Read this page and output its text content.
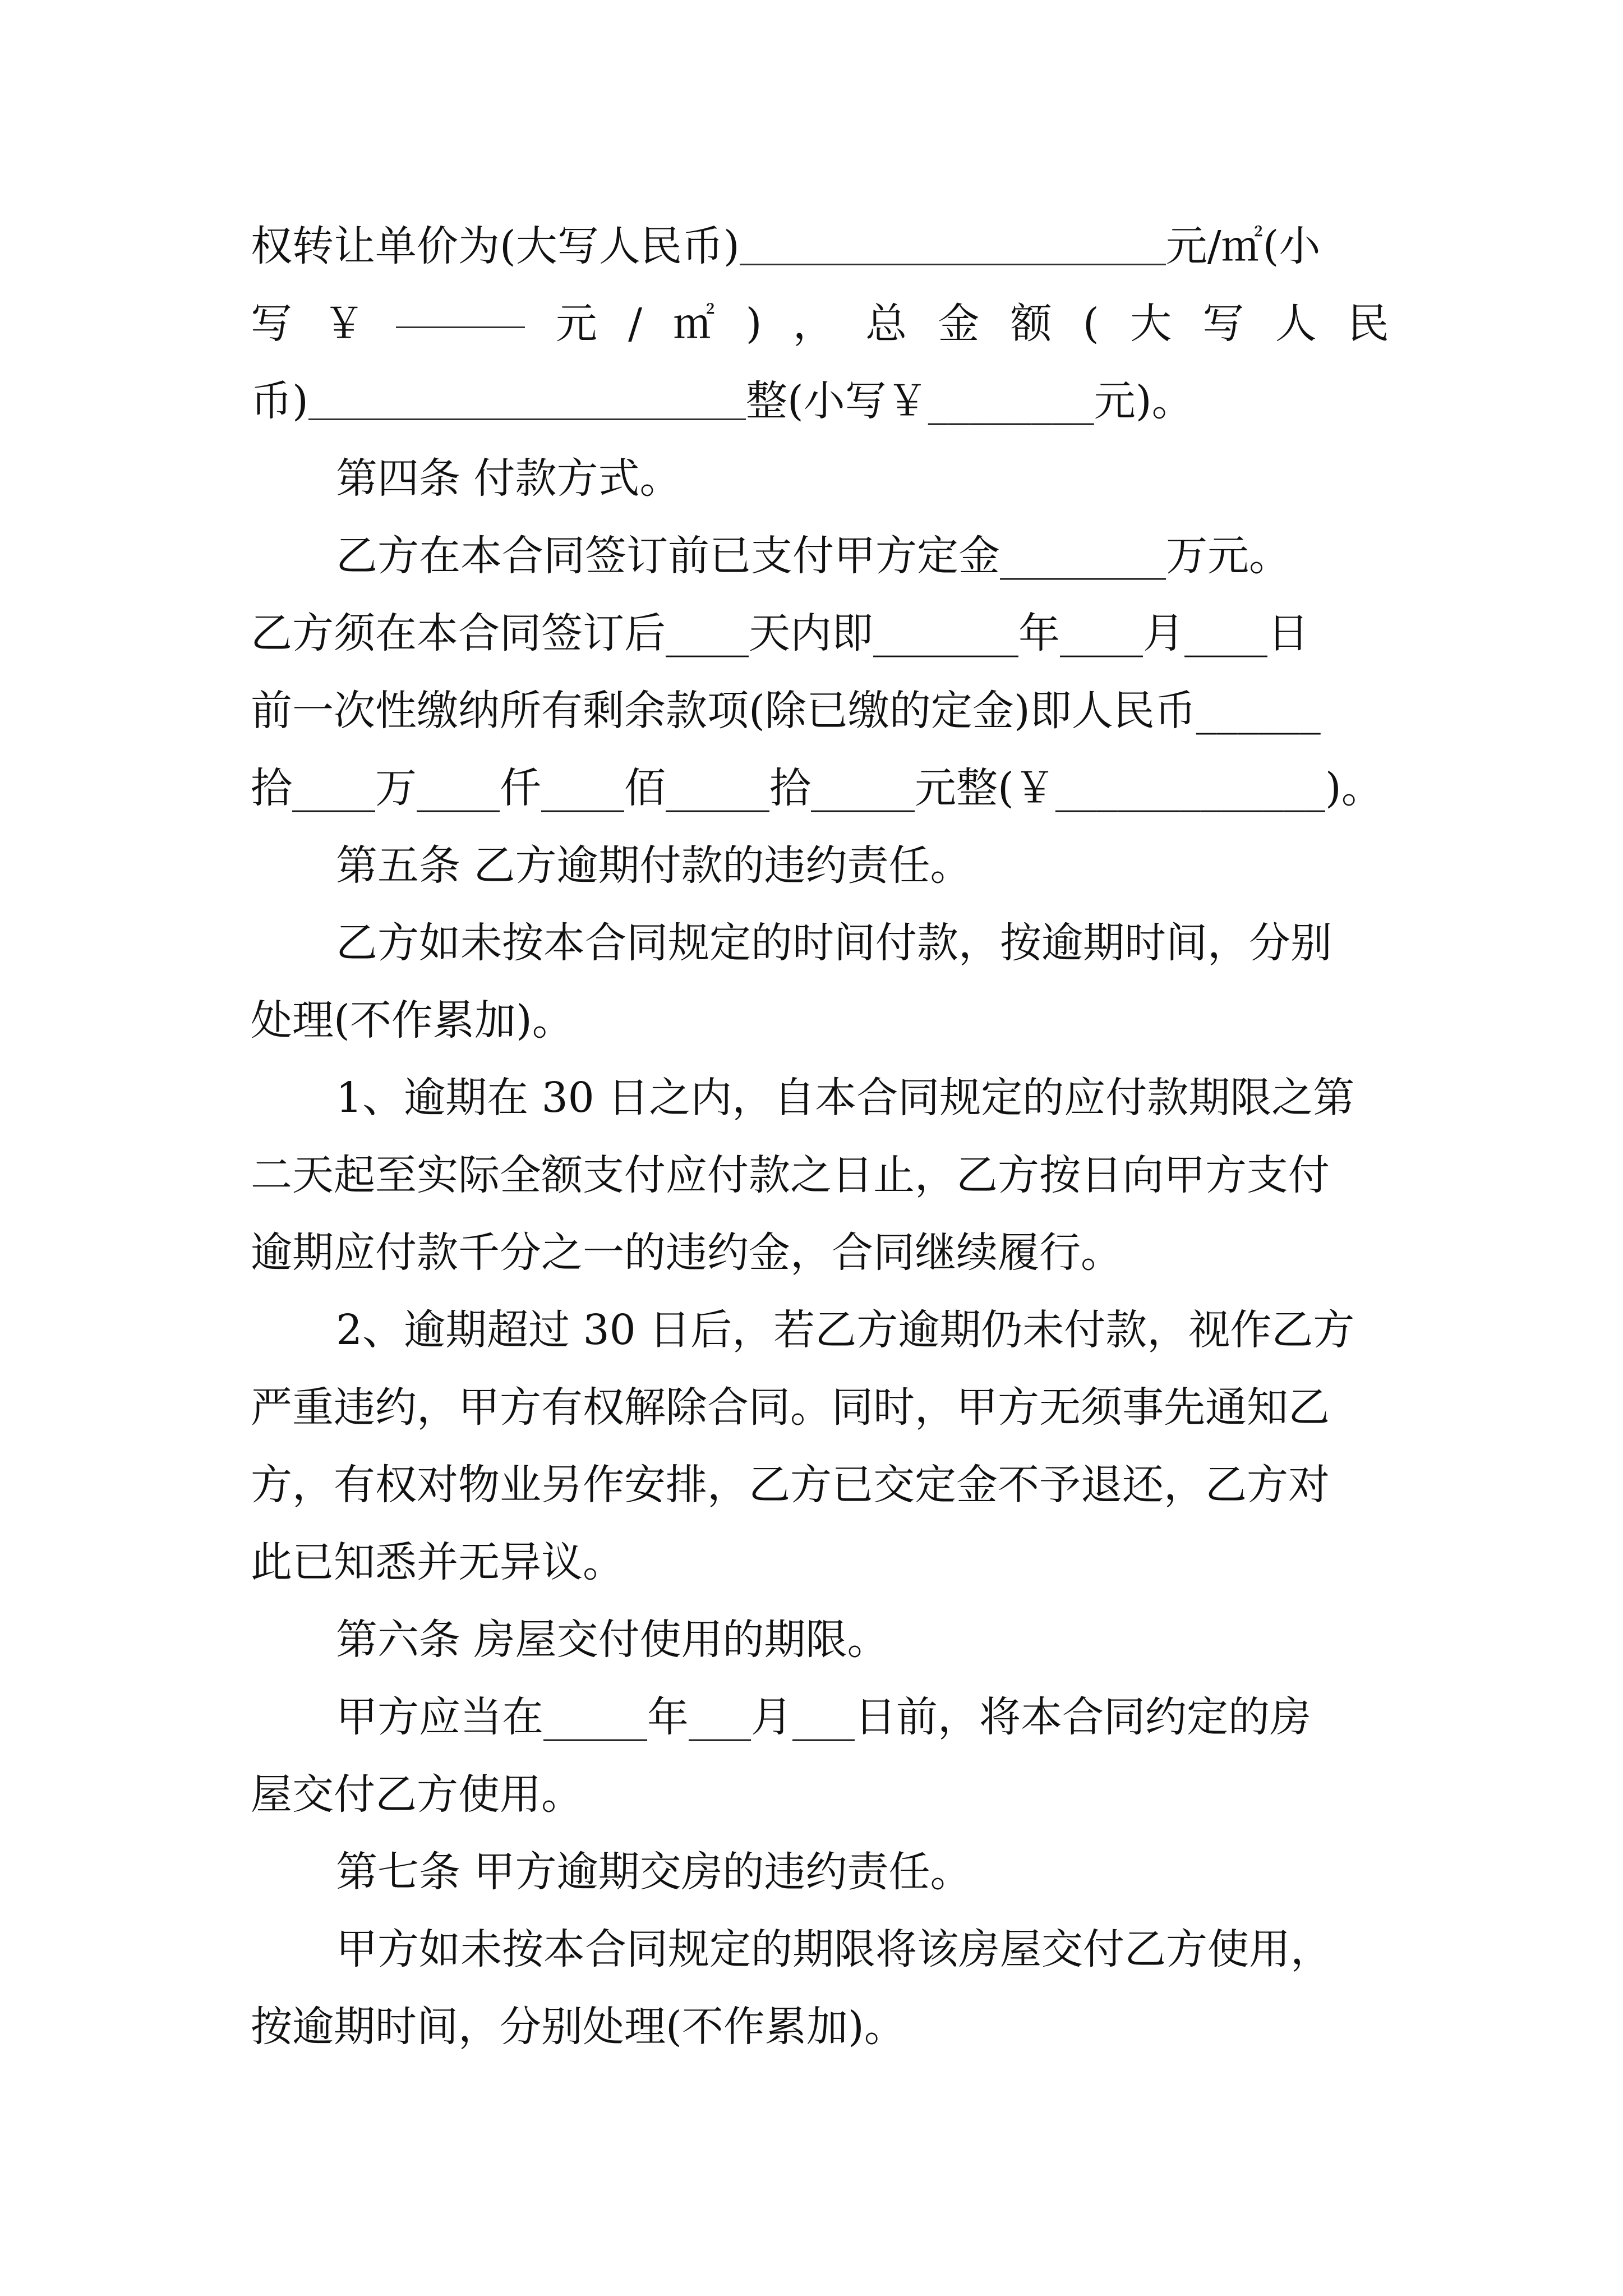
权转让单价为(大写人民币)	元/㎡(小
写 ￥	元 / ㎡ ) ， 总 金 额 ( 大 写 人 民
币)	整(小写￥________元)。
第四条 付款方式。
乙方在本合同签订前已支付甲方定金________万元。
乙方须在本合同签订后____天内即_______年____月____日
前一次性缴纳所有剩余款项(除已缴的定金)即人民币______
拾____万____仟____佰_____拾_____元整(￥_____________)。
第五条 乙方逾期付款的违约责任。
乙方如未按本合同规定的时间付款，按逾期时间，分别
处理(不作累加)。
1、逾期在 30 日之内，自本合同规定的应付款期限之第
二天起至实际全额支付应付款之日止，乙方按日向甲方支付
逾期应付款千分之一的违约金，合同继续履行。
2、逾期超过 30 日后，若乙方逾期仍未付款，视作乙方
严重违约，甲方有权解除合同。同时，甲方无须事先通知乙
方，有权对物业另作安排，乙方已交定金不予退还，乙方对
此已知悉并无异议。
第六条 房屋交付使用的期限。
甲方应当在_____年___月___日前，将本合同约定的房
屋交付乙方使用。
第七条 甲方逾期交房的违约责任。
甲方如未按本合同规定的期限将该房屋交付乙方使用，
按逾期时间，分别处理(不作累加)。
